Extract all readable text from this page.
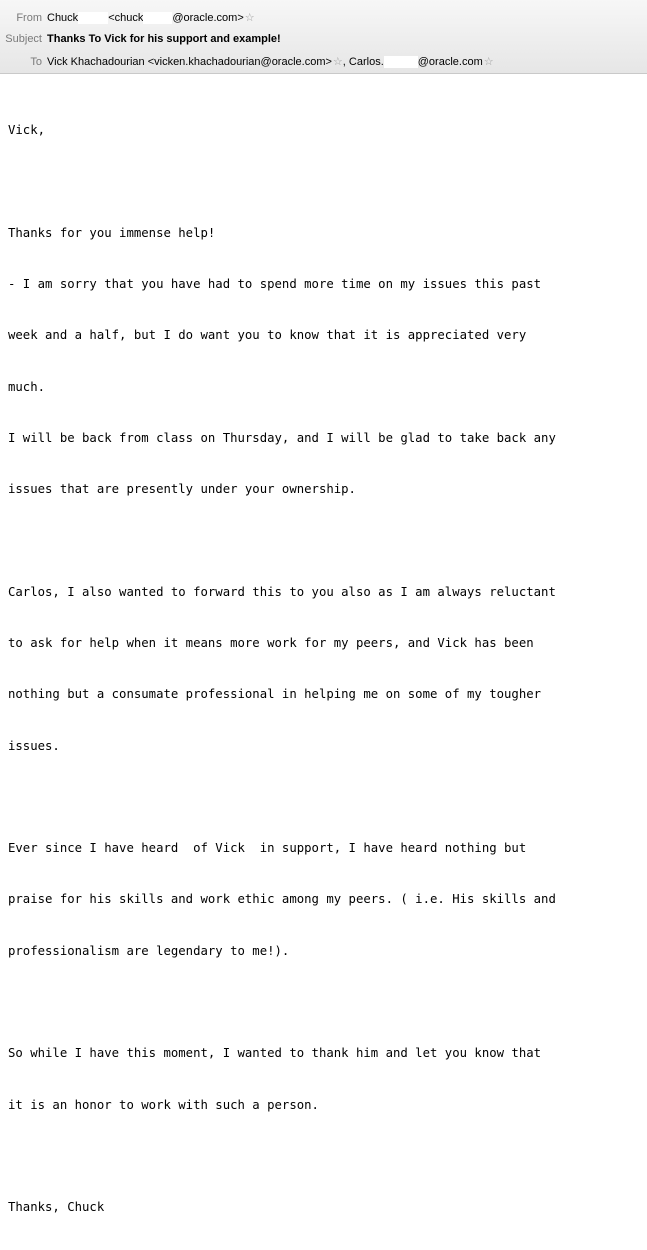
From Chuck	<chuck	@oracle.com>☆
Subject Thanks To Vick for his support and example!
To Vick Khachadourian <vicken.khachadourian@oracle.com>☆, Carlos.	@oracle.com☆

Vick,

Thanks for you immense help!

- I am sorry that you have had to spend more time on my issues this past

week and a half, but I do want you to know that it is appreciated very

much.

I will be back from class on Thursday, and I will be glad to take back any

issues that are presently under your ownership.

Carlos, I also wanted to forward this to you also as I am always reluctant

to ask for help when it means more work for my peers, and Vick has been

nothing but a consumate professional in helping me on some of my tougher

issues.

Ever since I have heard  of Vick  in support, I have heard nothing but

praise for his skills and work ethic among my peers. ( i.e. His skills and

professionalism are legendary to me!).

So while I have this moment, I wanted to thank him and let you know that

it is an honor to work with such a person.

Thanks, Chuck
